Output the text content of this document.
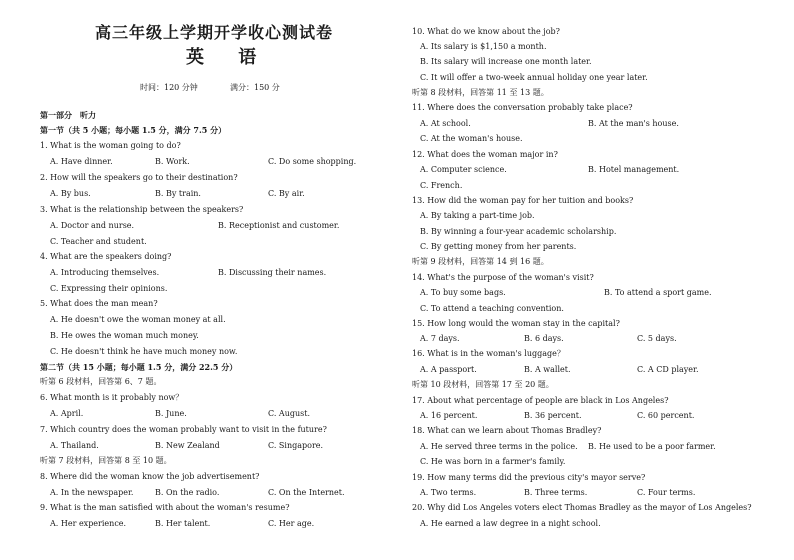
高三年级上学期开学收心测试卷
英 语
时间：120 分钟	满分：150 分
第一部分　听力
第一节（共 5 小题；每小题 1.5 分，满分 7.5 分）
1. What is the woman going to do?
A. Have dinner.	B. Work.	C. Do some shopping.
2. How will the speakers go to their destination?
A. By bus.	B. By train.	C. By air.
3. What is the relationship between the speakers?
A. Doctor and nurse.	B. Receptionist and customer.
C. Teacher and student.
4. What are the speakers doing?
A. Introducing themselves.	B. Discussing their names.
C. Expressing their opinions.
5. What does the man mean?
A. He doesn't owe the woman money at all.
B. He owes the woman much money.
C. He doesn't think he have much money now.
第二节（共 15 小题；每小题 1.5 分，满分 22.5 分）
听第 6 段材料，回答第 6、7 题。
6. What month is it probably now？
A. April.	B. June.	C. August.
7. Which country does the woman probably want to visit in the future?
A. Thailand.	B. New Zealand	C. Singapore.
听第 7 段材料，回答第 8 至 10 题。
8. Where did the woman know the job advertisement?
A. In the newspaper.	B. On the radio.	C. On the Internet.
9. What is the man satisfied with about the woman's resume?
A. Her experience.	B. Her talent.	C. Her age.
10. What do we know about the job?
A. Its salary is $1,150 a month.
B. Its salary will increase one month later.
C. It will offer a two-week annual holiday one year later.
听第 8 段材料，回答第 11 至 13 题。
11. Where does the conversation probably take place?
A. At school.	B. At the man's house.
C. At the woman's house.
12. What does the woman major in?
A. Computer science.	B. Hotel management.
C. French.
13. How did the woman pay for her tuition and books?
A. By taking a part-time job.
B. By winning a four-year academic scholarship.
C. By getting money from her parents.
听第 9 段材料，回答第 14 到 16 题。
14. What's the purpose of the woman's visit?
A. To buy some bags.	B. To attend a sport game.
C. To attend a teaching convention.
15. How long would the woman stay in the capital?
A. 7 days.	B. 6 days.	C. 5 days.
16. What is in the woman's luggage？
A. A passport.	B. A wallet.	C. A CD player.
听第 10 段材料，回答第 17 至 20 题。
17. About what percentage of people are black in Los Angeles?
A. 16 percent.	B. 36 percent.	C. 60 percent.
18. What can we learn about Thomas Bradley?
A. He served three terms in the police. B. He used to be a poor farmer.
C. He was born in a farmer's family.
19. How many terms did the previous city's mayor serve?
A. Two terms.	B. Three terms.	C. Four terms.
20. Why did Los Angeles voters elect Thomas Bradley as the mayor of Los Angeles?
A. He earned a law degree in a night school.
